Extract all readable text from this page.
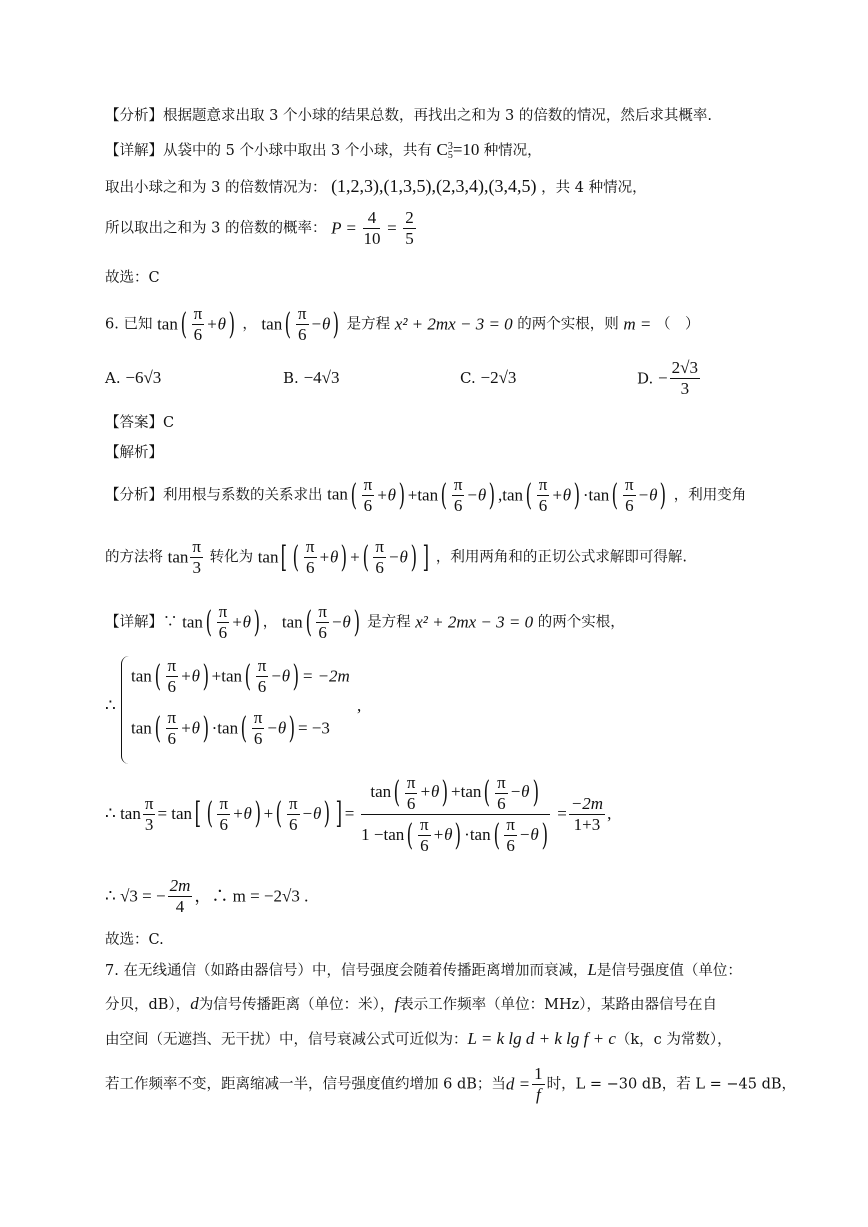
【分析】根据题意求出取 3 个小球的结果总数，再找出之和为 3 的倍数的情况，然后求其概率.
【详解】从袋中的 5 个小球中取出 3 个小球，共有 C 3
5 =10 种情况，
取出小球之和为 3 的倍数情况为： (1,2,3),(1,3,5),(2,3,4),(3,4,5) ，共 4 种情况，
所以取出之和为 3 的倍数的概率： $P = \frac{4}{10} = \frac{2}{5}$
故选：C
6. 已知 $\tan( \frac{\pi}{6} +\theta)$ ， $\tan( \frac{\pi}{6} -\theta)$ 是方程 x² + 2mx − 3 = 0 的两个实根，则 m = （　）
A. −6√3	B. −4√3	C. −2√3	D. − $\frac{2√3}{3}$
【答案】C
【解析】
【分析】利用根与系数的关系求出 $\tan( \frac{\pi}{6} +\theta) +\tan( \frac{\pi}{6} -\theta)$ $,\tan( \frac{\pi}{6} +\theta) \cdot\tan( \frac{\pi}{6} -\theta)$ ，利用变角
的方法将 $\tan \frac{\pi}{3}$ 转化为 tan[ ( $\frac{\pi}{6} +\theta$) +( $\frac{\pi}{6} -\theta$) ] ，利用两角和的正切公式求解即可得解.
【详解】∵ $\tan( \frac{\pi}{6} +\theta)$ ， $\tan( \frac{\pi}{6} -\theta)$ 是方程 x² + 2mx − 3 = 0 的两个实根，
∴
$\tan( \frac{\pi}{6} +\theta) +\tan( \frac{\pi}{6} -\theta) = -2m$
$\tan( \frac{\pi}{6} +\theta) \cdot\tan( \frac{\pi}{6} -\theta) = -3$
,
∴ $\tan \frac{\pi}{3} = \tan$[ ( $\frac{\pi}{6} +\theta$) +( $\frac{\pi}{6} -\theta$) ] = $\frac{\tan( \frac{\pi}{6} +\theta) +\tan( \frac{\pi}{6} -\theta)}{1 -\tan( \frac{\pi}{6} +\theta) \cdot\tan( \frac{\pi}{6} -\theta)} = \frac{-2m}{1+3}$ ,
∴ √3 = − $\frac{2m}{4}$ ，∴ m = −2√3 .
故选：C.
7. 在无线通信（如路由器信号）中，信号强度会随着传播距离增加而衰减，L是信号强度值（单位：
分贝，dB），d为信号传播距离（单位：米），f表示工作频率（单位：MHz），某路由器信号在自
由空间（无遮挡、无干扰）中，信号衰减公式可近似为：L = k lg d + k lg f + c（k，c 为常数），
若工作频率不变，距离缩减一半，信号强度值约增加 6 dB；当$d = \frac{1}{f}$ 时，L = −30 dB，若 L = −45 dB，
